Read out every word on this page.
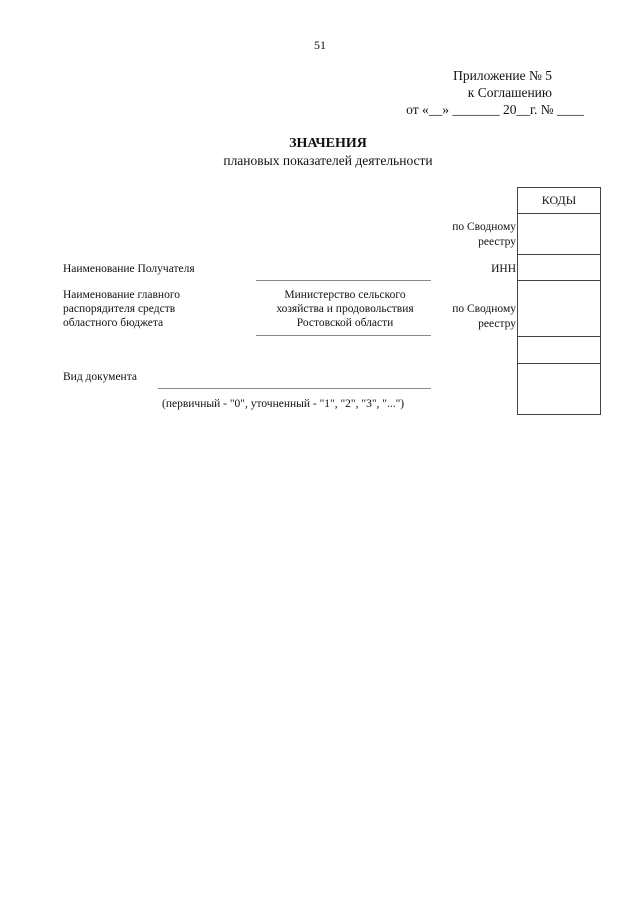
51
Приложение № 5
к Соглашению
от «__» _______ 20__г. № ____
ЗНАЧЕНИЯ
плановых показателей деятельности
КОДЫ
по Сводному
реестру
Наименование Получателя	ИНН
Наименование главного
распорядителя средств
областного бюджета
Министерство сельского
хозяйства и продовольствия
Ростовской области
по Сводному
реестру
Вид документа
(первичный - "0", уточненный - "1", "2", "3", "...")
